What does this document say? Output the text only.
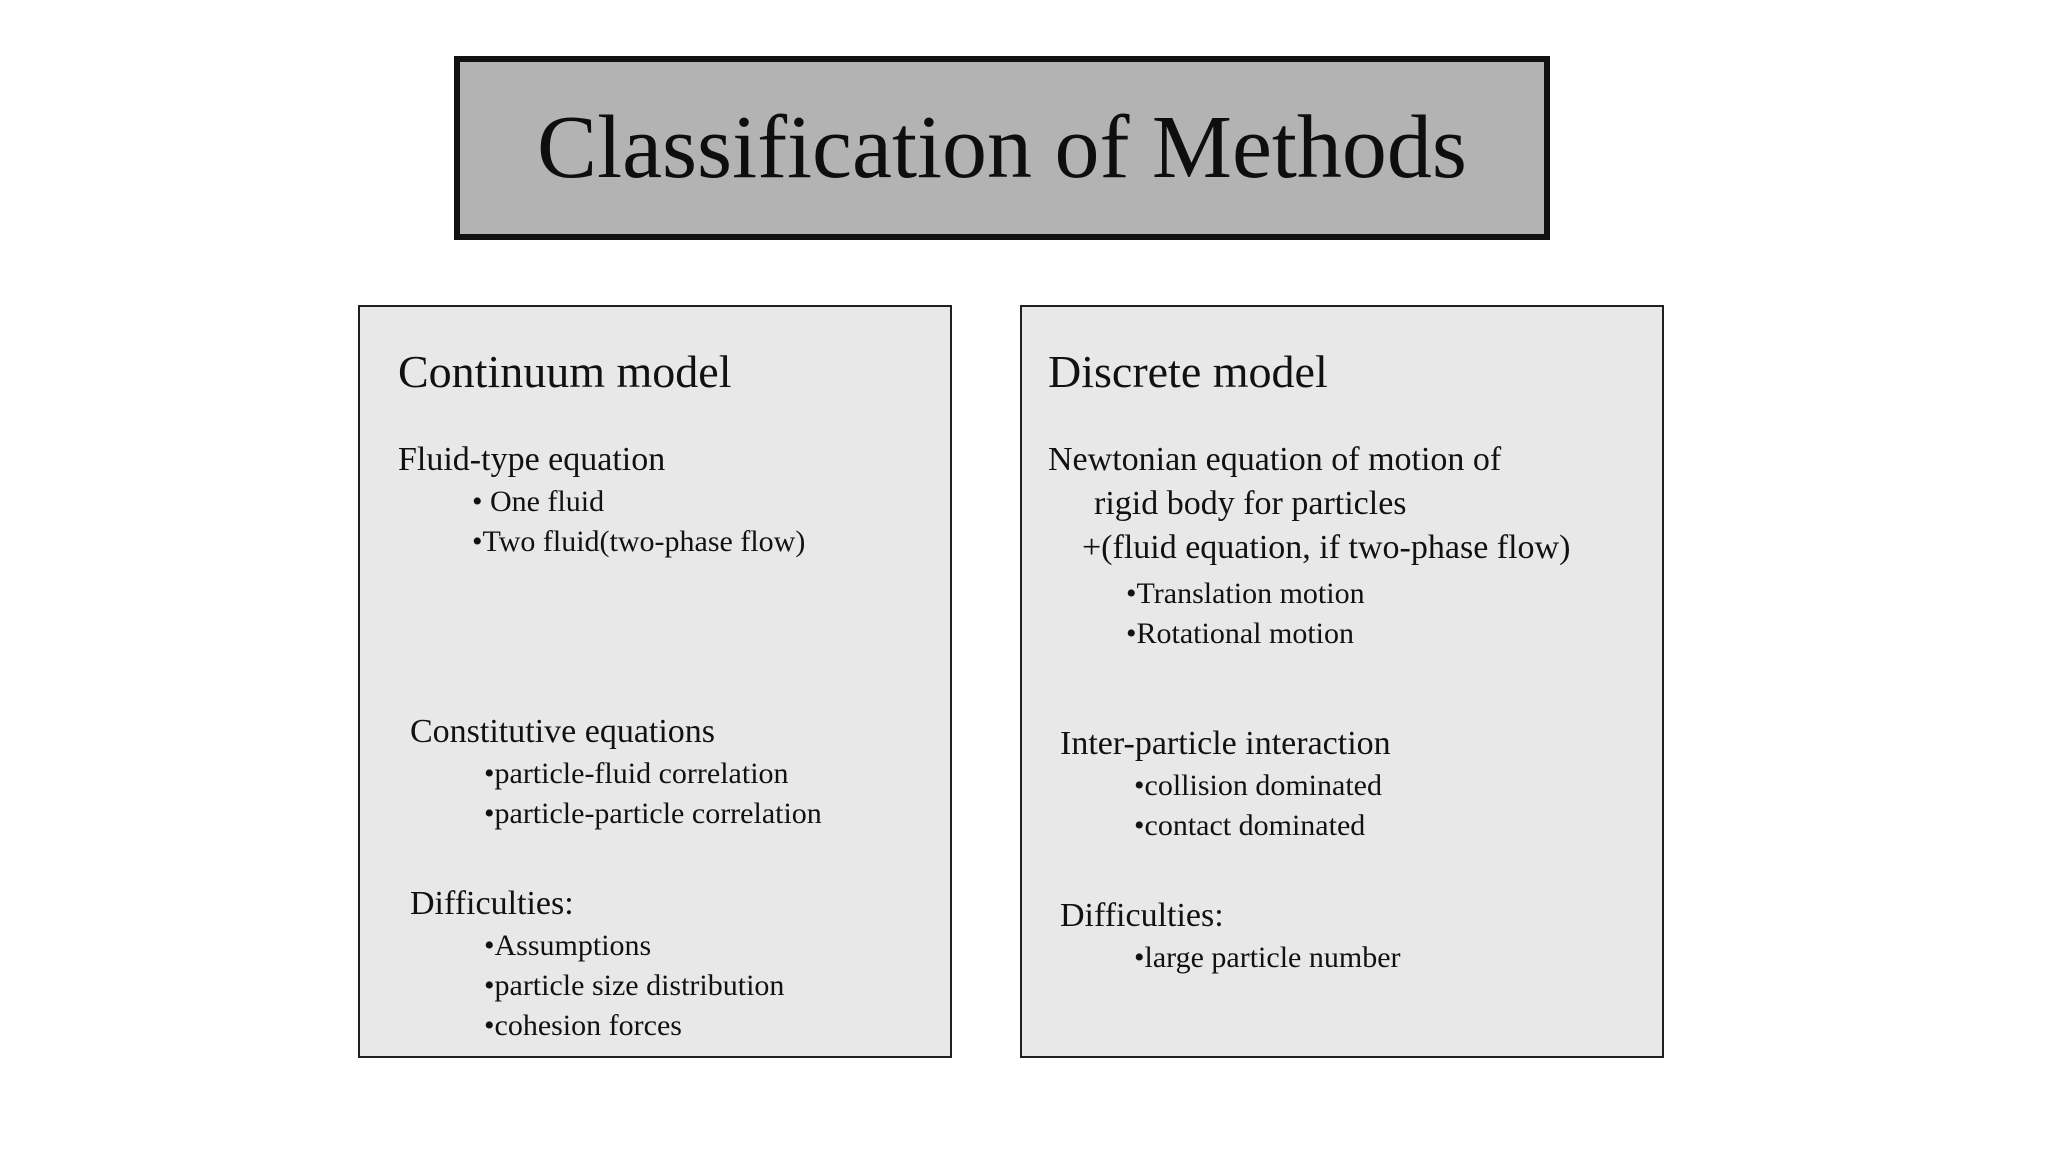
Classification of Methods
Continuum model
Fluid-type equation
• One fluid
•Two fluid(two-phase flow)
Constitutive equations
•particle-fluid correlation
•particle-particle correlation
Difficulties:
•Assumptions
•particle size distribution
•cohesion forces
Discrete model
Newtonian equation of motion of
rigid body for particles
+(fluid equation, if two-phase flow)
•Translation motion
•Rotational motion
Inter-particle interaction
•collision dominated
•contact dominated
Difficulties:
•large particle number
